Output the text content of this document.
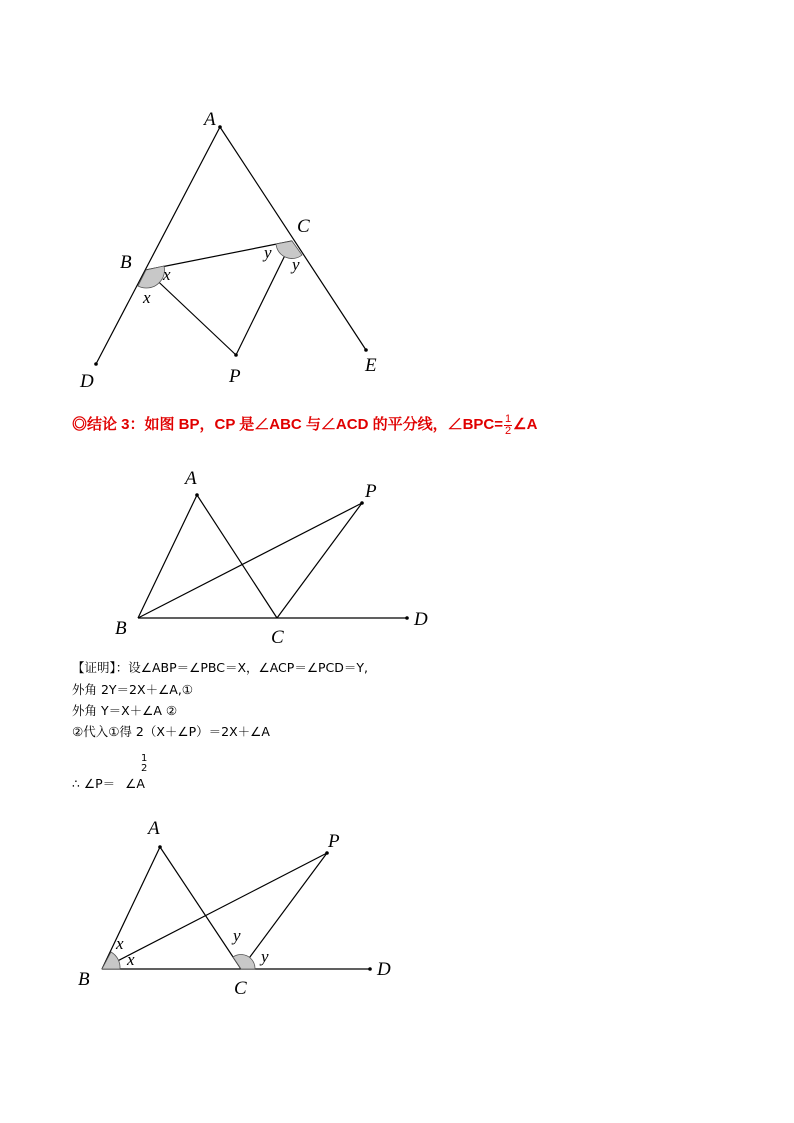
A
B
C
D
E
P
x
x
y
y
A
B	C
D
P
A
B	C
D
P
x
x
y
y
◎结论 3：如图 BP，CP 是∠ABC 与∠ACD 的平分线，∠BPC= $\frac{1}{2}$ ∠A
【证明】：设∠ABP＝∠PBC＝X，∠ACP＝∠PCD＝Y,
外角 2Y＝2X＋∠A,①
外角 Y＝X＋∠A ②
②代入①得 2（X＋∠P）＝2X＋∠A
1
2
∴ ∠P＝ ∠A
